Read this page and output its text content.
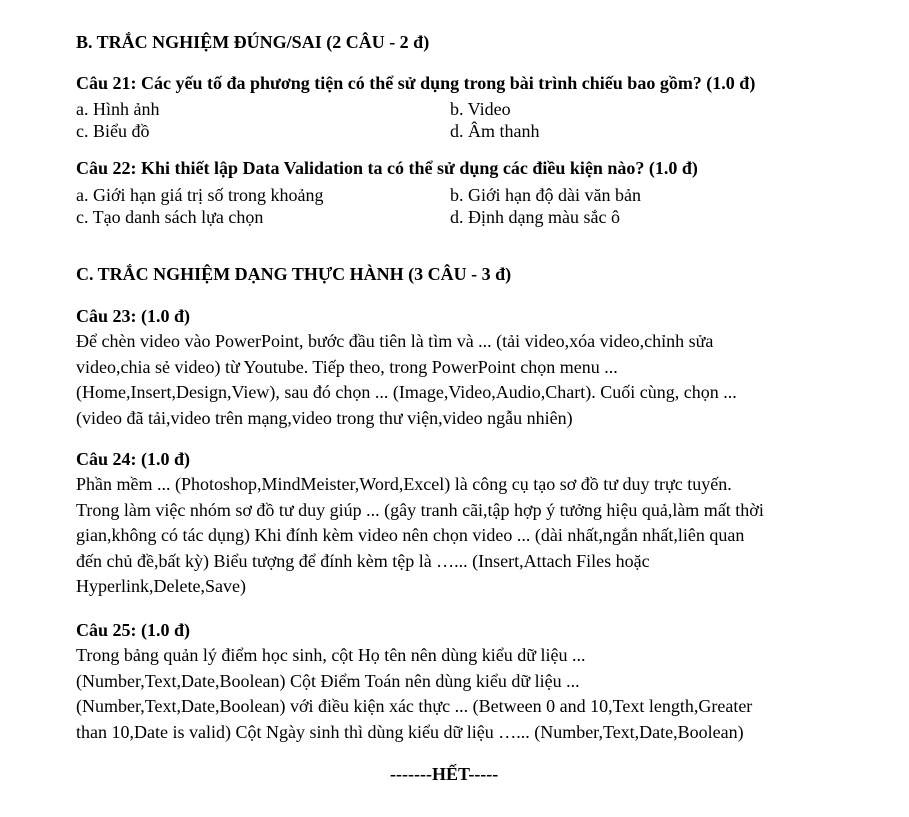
B. TRẮC NGHIỆM ĐÚNG/SAI (2 CÂU - 2 đ)
Câu 21: Các yếu tố đa phương tiện có thể sử dụng trong bài trình chiếu bao gồm? (1.0 đ)
a. Hình ảnh	b. Video
c. Biểu đồ	d. Âm thanh
Câu 22: Khi thiết lập Data Validation ta có thể sử dụng các điều kiện nào? (1.0 đ)
a. Giới hạn giá trị số trong khoảng	b. Giới hạn độ dài văn bản
c. Tạo danh sách lựa chọn	d. Định dạng màu sắc ô
C. TRẮC NGHIỆM DẠNG THỰC HÀNH (3 CÂU - 3 đ)
Câu 23: (1.0 đ)
Để chèn video vào PowerPoint, bước đầu tiên là tìm và ... (tải video,xóa video,chỉnh sửa
video,chia sẻ video) từ Youtube. Tiếp theo, trong PowerPoint chọn menu ...
(Home,Insert,Design,View), sau đó chọn ... (Image,Video,Audio,Chart). Cuối cùng, chọn ...
(video đã tải,video trên mạng,video trong thư viện,video ngẫu nhiên)
Câu 24: (1.0 đ)
Phần mềm ... (Photoshop,MindMeister,Word,Excel) là công cụ tạo sơ đồ tư duy trực tuyến.
Trong làm việc nhóm sơ đồ tư duy giúp ... (gây tranh cãi,tập hợp ý tưởng hiệu quả,làm mất thời
gian,không có tác dụng) Khi đính kèm video nên chọn video ... (dài nhất,ngắn nhất,liên quan
đến chủ đề,bất kỳ) Biểu tượng để đính kèm tệp là …... (Insert,Attach Files hoặc
Hyperlink,Delete,Save)
Câu 25: (1.0 đ)
Trong bảng quản lý điểm học sinh, cột Họ tên nên dùng kiểu dữ liệu ...
(Number,Text,Date,Boolean) Cột Điểm Toán nên dùng kiểu dữ liệu ...
(Number,Text,Date,Boolean) với điều kiện xác thực ... (Between 0 and 10,Text length,Greater
than 10,Date is valid) Cột Ngày sinh thì dùng kiểu dữ liệu …... (Number,Text,Date,Boolean)
-------HẾT-----
